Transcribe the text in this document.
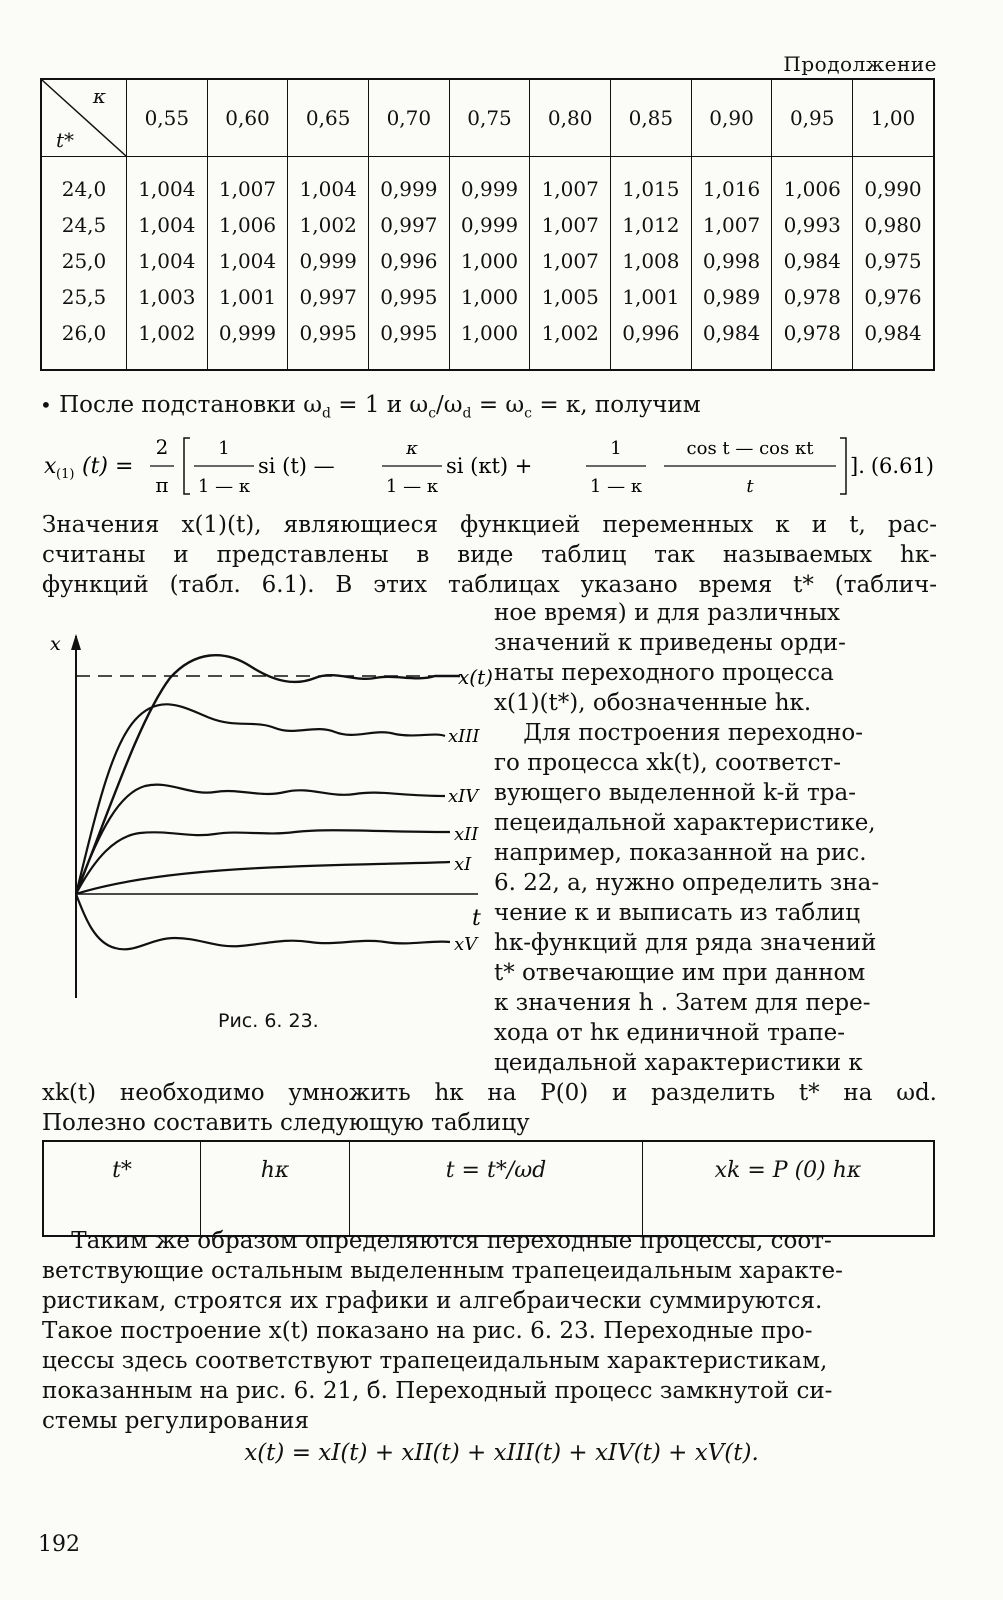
Продолжение
κ
t*	0,55	0,60	0,65	0,70	0,75	0,80	0,85	0,90	0,95	1,00
24,0	1,004	1,007	1,004	0,999	0,999	1,007	1,015	1,016	1,006	0,990
24,5	1,004	1,006	1,002	0,997	0,999	1,007	1,012	1,007	0,993	0,980
25,0	1,004	1,004	0,999	0,996	1,000	1,007	1,008	0,998	0,984	0,975
25,5	1,003	1,001	0,997	0,995	1,000	1,005	1,001	0,989	0,978	0,976
26,0	1,002	0,999	0,995	0,995	1,000	1,002	0,996	0,984	0,978	0,984
• После подстановки $\omega_d = 1$ и $\omega_c/\omega_d = \omega_c = \kappa$, получим
x (1) (t) =
2
π
1
1 — κ
si (t) —
κ
1 — κ
si (κt) +
1
1 — κ
cos t — cos κt
t
]. (6.61)
Значения x(1)(t), являющиеся функцией переменных κ и t, рас-
считаны и представлены в виде таблиц так называемых hκ-
функций (табл. 6.1). В этих таблицах указано время t* (таблич-
x
t
x(t)
xIII
xIV
xII
xI
xV
Рис. 6. 23.
ное время) и для различных
значений κ приведены орди-
наты переходного процесса
x(1)(t*), обозначенные hκ.
Для построения переходно-
го процесса xk(t), соответст-
вующего выделенной k-й тра-
пецеидальной характеристике,
например, показанной на рис.
6. 22, a, нужно определить зна-
чение κ и выписать из таблиц
hκ-функций для ряда значений
t* отвечающие им при данном
κ значения h . Затем для пере-
хода от hκ единичной трапе-
цеидальной характеристики к
xk(t) необходимо умножить hκ на P(0) и разделить t* на ωd.
Полезно составить следующую таблицу
t*	hκ	t = t*/ωd	xk = P (0) hκ
Таким же образом определяются переходные процессы, соот-
ветствующие остальным выделенным трапецеидальным характе-
ристикам, строятся их графики и алгебраически суммируются.
Такое построение x(t) показано на рис. 6. 23. Переходные про-
цессы здесь соответствуют трапецеидальным характеристикам,
показанным на рис. 6. 21, б. Переходный процесс замкнутой си-
стемы регулирования
x(t) = xI(t) + xII(t) + xIII(t) + xIV(t) + xV(t).
192
